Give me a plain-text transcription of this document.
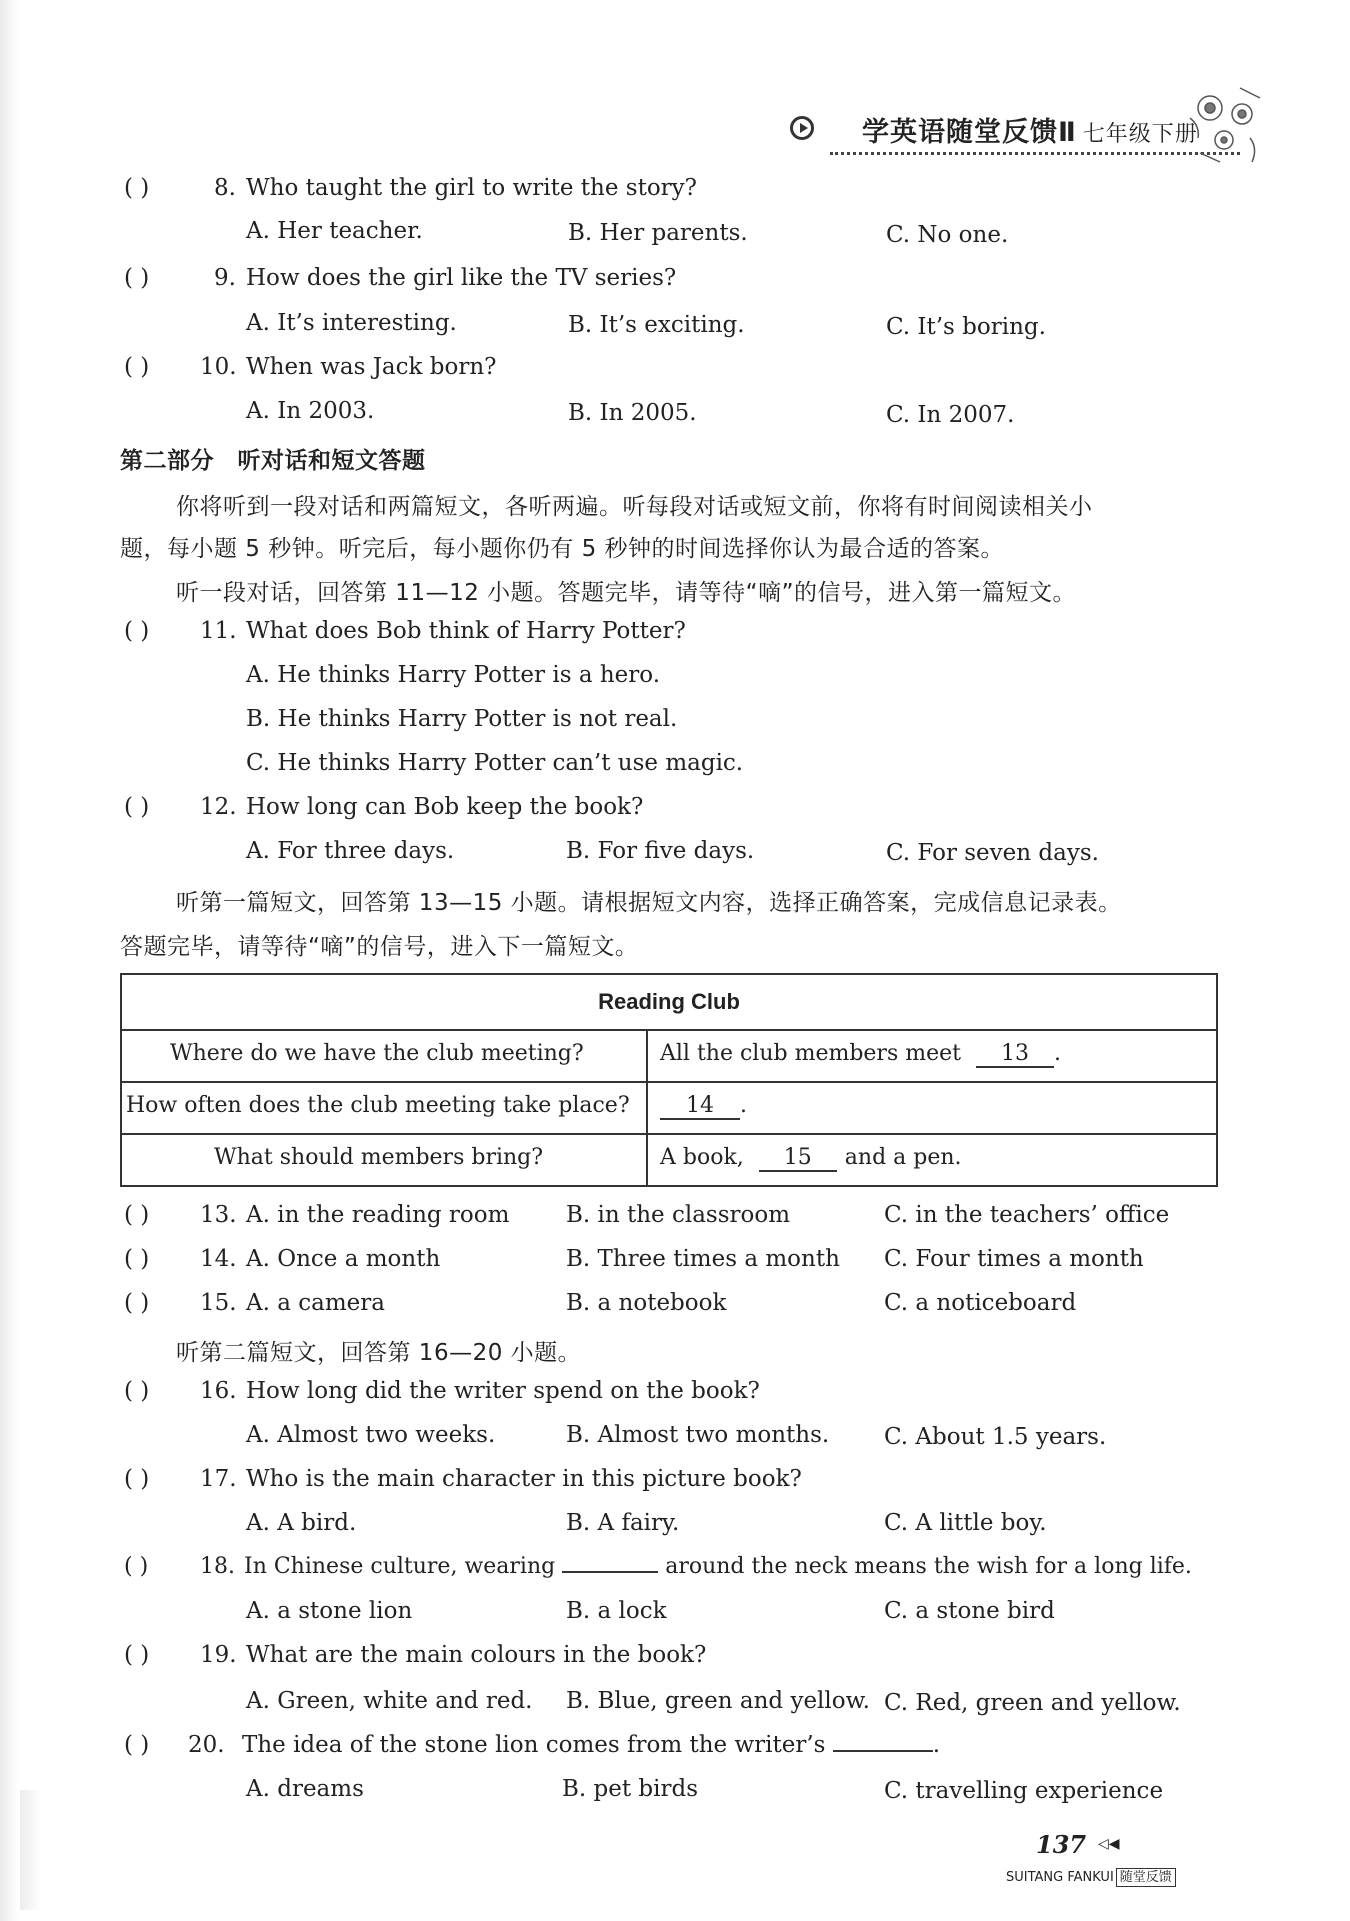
学英语随堂反馈Ⅱ 七年级下册
( )	8. Who taught the girl to write the story?
A. Her teacher.	B. Her parents.	C. No one.
( )	9. How does the girl like the TV series?
A. It’s interesting.	B. It’s exciting.	C. It’s boring.
( ) 10. When was Jack born?
A. In 2003.	B. In 2005.	C. In 2007.
第二部分　听对话和短文答题
你将听到一段对话和两篇短文，各听两遍。听每段对话或短文前，你将有时间阅读相关小
题，每小题 5 秒钟。听完后，每小题你仍有 5 秒钟的时间选择你认为最合适的答案。
听一段对话，回答第 11—12 小题。答题完毕，请等待“嘀”的信号，进入第一篇短文。
( ) 11. What does Bob think of Harry Potter?
A. He thinks Harry Potter is a hero.
B. He thinks Harry Potter is not real.
C. He thinks Harry Potter can’t use magic.
( ) 12. How long can Bob keep the book?
A. For three days.	B. For five days.	C. For seven days.
听第一篇短文，回答第 13—15 小题。请根据短文内容，选择正确答案，完成信息记录表。
答题完毕，请等待“嘀”的信号，进入下一篇短文。
Reading Club
Where do we have the club meeting?	All the club members meet 13 .
How often does the club meeting take place?	14 .
What should members bring?	A book, 15 and a pen.
( ) 13. A. in the reading room B. in the classroom	C. in the teachers’ office
( ) 14. A. Once a month	B. Three times a month C. Four times a month
( ) 15. A. a camera	B. a notebook	C. a noticeboard
听第二篇短文，回答第 16—20 小题。
( ) 16. How long did the writer spend on the book?
A. Almost two weeks.	B. Almost two months. C. About 1.5 years.
( ) 17. Who is the main character in this picture book?
A. A bird.	B. A fairy.	C. A little boy.
( ) 18. In Chinese culture, wearing	around the neck means the wish for a long life.
A. a stone lion	B. a lock	C. a stone bird
( ) 19. What are the main colours in the book?
A. Green, white and red. B. Blue, green and yellow. C. Red, green and yellow.
( ) 20. The idea of the stone lion comes from the writer’s	.
A. dreams	B. pet birds	C. travelling experience
137 ◁◀
SUITANG FANKUI 随堂反馈
